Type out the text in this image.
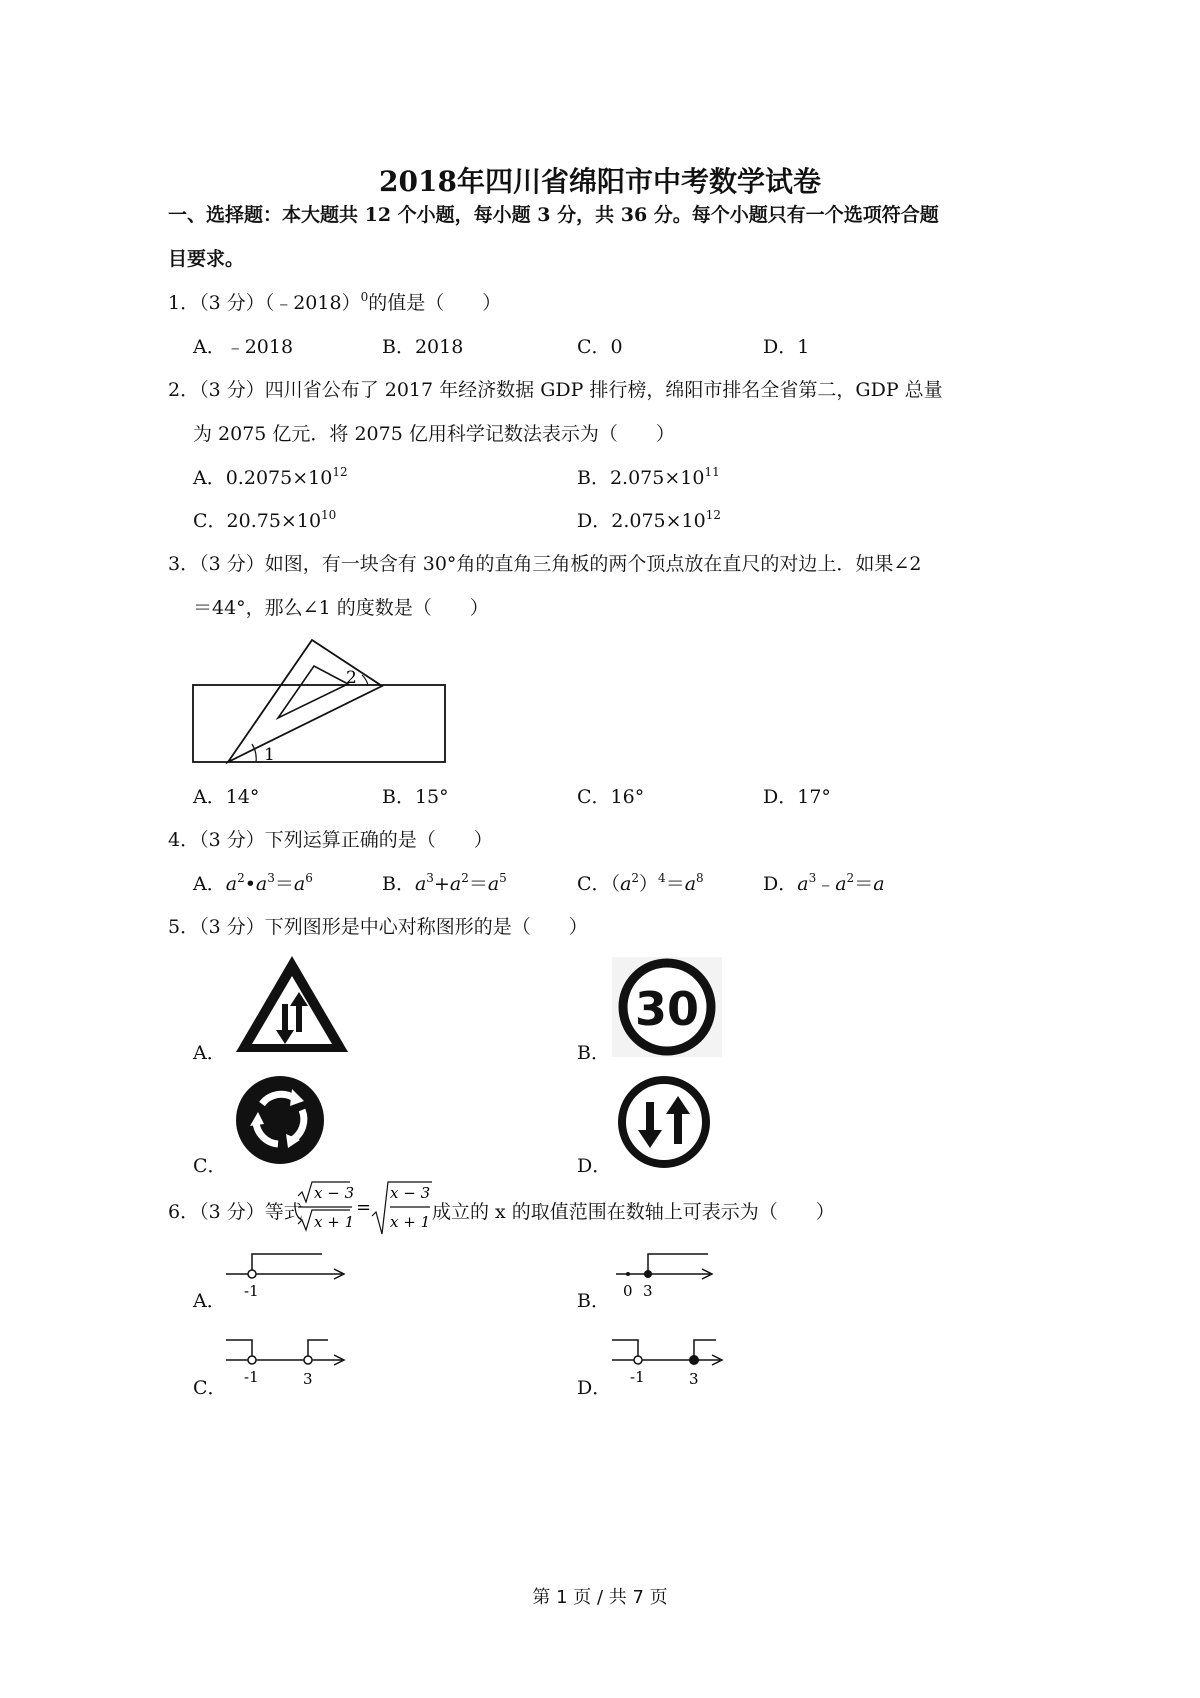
2018年四川省绵阳市中考数学试卷
一、选择题：本大题共 12 个小题，每小题 3 分，共 36 分。每个小题只有一个选项符合题
目要求。
1．（3 分）（﹣2018）$^0$的值是（　　）
A．﹣2018	B．2018	C．0	D．1
2．（3 分）四川省公布了 2017 年经济数据 GDP 排行榜，绵阳市排名全省第二，GDP 总量
为 2075 亿元．将 2075 亿用科学记数法表示为（　　）
A．$0.2075\times 10^{12}$	B．$2.075\times 10^{11}$
C．$20.75\times 10^{10}$	D．$2.075\times 10^{12}$
3．（3 分）如图，有一块含有 30°角的直角三角板的两个顶点放在直尺的对边上．如果∠2
＝44°，那么∠1 的度数是（　　）
1
2
A．14°	B．15°	C．16°	D．17°
4．（3 分）下列运算正确的是（　　）
A．$a^2•a^3=a^6$	B．$a^3+a^2=a^5$	C．$(a^2)^4=a^8$	D．$a^3﹣a^2=a$
5．（3 分）下列图形是中心对称图形的是（　　）
A．	B．
30
C．	D．
6．（3 分）等式
x − 3
x + 1
=
x − 3
x + 1 成立的 x 的取值范围在数轴上可表示为（　　）
A． -1	B． 0 3
C． -1	3	D． -1	3
第 1 页 / 共 7 页
